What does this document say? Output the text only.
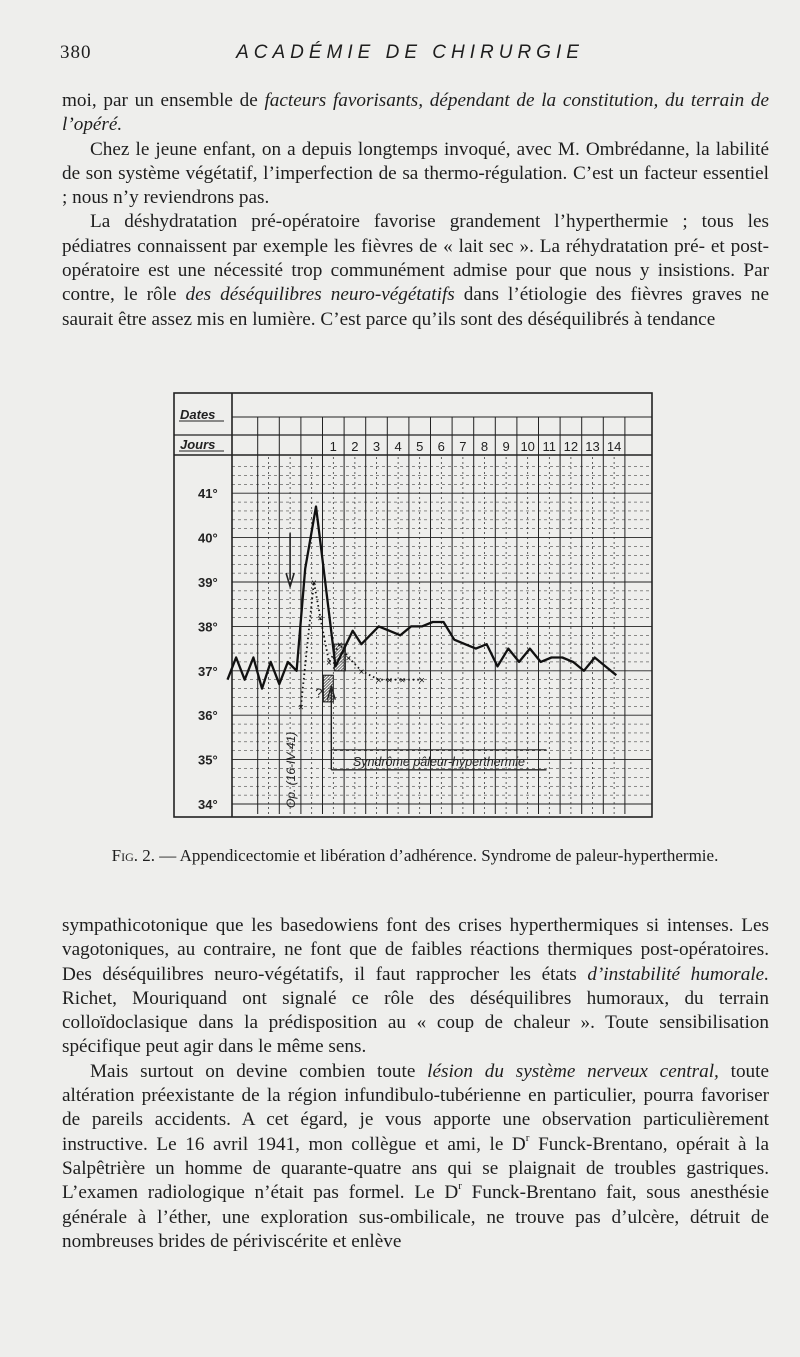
380	ACADÉMIE DE CHIRURGIE

moi, par un ensemble de facteurs favorisants, dépendant de la constitution, du terrain de l’opéré.

Chez le jeune enfant, on a depuis longtemps invoqué, avec M. Ombrédanne, la labilité de son système végétatif, l’imperfection de sa thermo-régulation. C’est un facteur essentiel ; nous n’y reviendrons pas.

La déshydratation pré-opératoire favorise grandement l’hyperthermie ; tous les pédiatres connaissent par exemple les fièvres de « lait sec ». La réhydratation pré- et post-opératoire est une nécessité trop communément admise pour que nous y insistions. Par contre, le rôle des déséquilibres neuro-végétatifs dans l’étiologie des fièvres graves ne saurait être assez mis en lumière. C’est parce qu’ils sont des déséquilibrés à tendance

Dates
Jours	1 2 3 4 5 6 7 8 9 10 11 12 13 14
41°
40°
39°
38°
37°
36°
35°
34°	Op. (16-IV-41)	Syndrôme pâleur-hyperthermie
?
×
×
×
×
×
×
×
× × × ×
Fig. 2. — Appendicectomie et libération d’adhérence. Syndrome de paleur-hyperthermie.

sympathicotonique que les basedowiens font des crises hyperthermiques si intenses. Les vagotoniques, au contraire, ne font que de faibles réactions thermiques post-opératoires. Des déséquilibres neuro-végétatifs, il faut rapprocher les états d’instabilité humorale. Richet, Mouriquand ont signalé ce rôle des déséquilibres humoraux, du terrain colloïdoclasique dans la prédisposition au « coup de chaleur ». Toute sensibilisation spécifique peut agir dans le même sens.

Mais surtout on devine combien toute lésion du système nerveux central, toute altération préexistante de la région infundibulo-tubérienne en particulier, pourra favoriser de pareils accidents. A cet égard, je vous apporte une observation particulièrement instructive. Le 16 avril 1941, mon collègue et ami, le $D^r$ Funck-Brentano, opérait à la Salpêtrière un homme de quarante-quatre ans qui se plaignait de troubles gastriques. L’examen radiologique n’était pas formel. Le $D^r$ Funck-Brentano fait, sous anesthésie générale à l’éther, une exploration sus-ombilicale, ne trouve pas d’ulcère, détruit de nombreuses brides de périviscérite et enlève
